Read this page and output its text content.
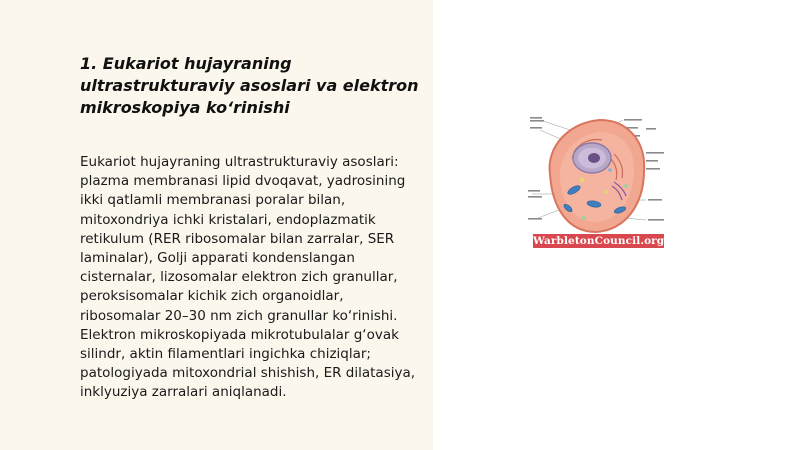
1. Eukariot hujayraning ultrastrukturaviy asoslari va elektron mikroskopiya ko‘rinishi

Eukariot hujayraning ultrastrukturaviy asoslari: plazma membranasi lipid dvoqavat, yadrosining ikki qatlamli membranasi poralar bilan, mitoxondriya ichki kristalari, endoplazmatik retikulum (RER ribosomalar bilan zarralar, SER laminalar), Golji apparati kondenslangan cisternalar, lizosomalar elektron zich granullar, peroksisomalar kichik zich organoidlar, ribosomalar 20–30 nm zich granullar ko‘rinishi. Elektron mikroskopiyada mikrotubulalar g‘ovak silindr, aktin filamentlari ingichka chiziqlar; patologiyada mitoxondrial shishish, ER dilatasiya, inklyuziya zarralari aniqlanadi.

WarbletonCouncil.org
